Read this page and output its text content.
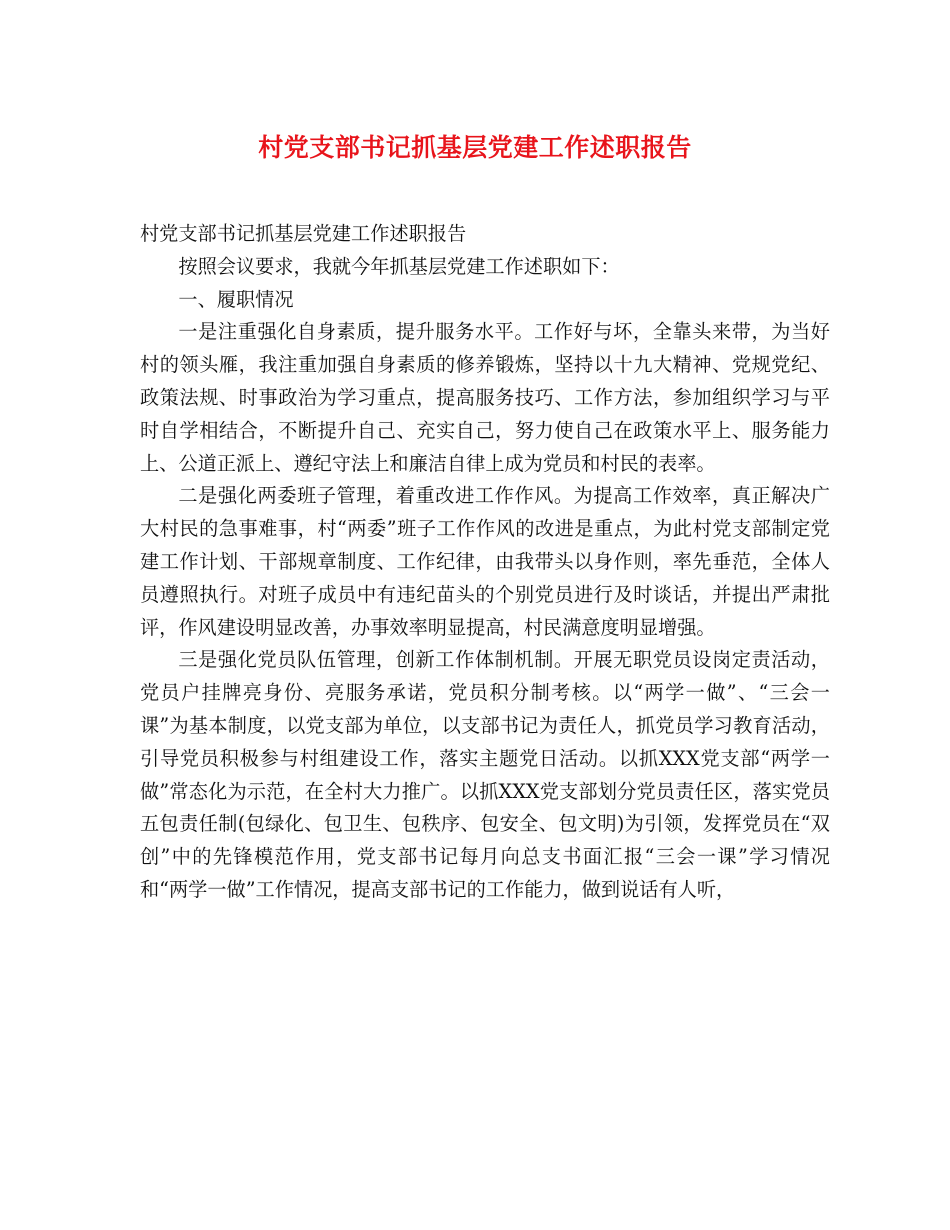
村党支部书记抓基层党建工作述职报告

村党支部书记抓基层党建工作述职报告

按照会议要求，我就今年抓基层党建工作述职如下：

一、履职情况

一是注重强化自身素质，提升服务水平。工作好与坏，全靠头来带，为当好村的领头雁，我注重加强自身素质的修养锻炼，坚持以十九大精神、党规党纪、政策法规、时事政治为学习重点，提高服务技巧、工作方法，参加组织学习与平时自学相结合，不断提升自己、充实自己，努力使自己在政策水平上、服务能力上、公道正派上、遵纪守法上和廉洁自律上成为党员和村民的表率。

二是强化两委班子管理，着重改进工作作风。为提高工作效率，真正解决广大村民的急事难事，村“两委”班子工作作风的改进是重点，为此村党支部制定党建工作计划、干部规章制度、工作纪律，由我带头以身作则，率先垂范，全体人员遵照执行。对班子成员中有违纪苗头的个别党员进行及时谈话，并提出严肃批评，作风建设明显改善，办事效率明显提高，村民满意度明显增强。

三是强化党员队伍管理，创新工作体制机制。开展无职党员设岗定责活动，党员户挂牌亮身份、亮服务承诺，党员积分制考核。以“两学一做”、“三会一课”为基本制度，以党支部为单位，以支部书记为责任人，抓党员学习教育活动，引导党员积极参与村组建设工作，落实主题党日活动。以抓XXX党支部“两学一做”常态化为示范，在全村大力推广。以抓XXX党支部划分党员责任区，落实党员五包责任制(包绿化、包卫生、包秩序、包安全、包文明)为引领，发挥党员在“双创”中的先锋模范作用，党支部书记每月向总支书面汇报“三会一课”学习情况和“两学一做”工作情况，提高支部书记的工作能力，做到说话有人听，
